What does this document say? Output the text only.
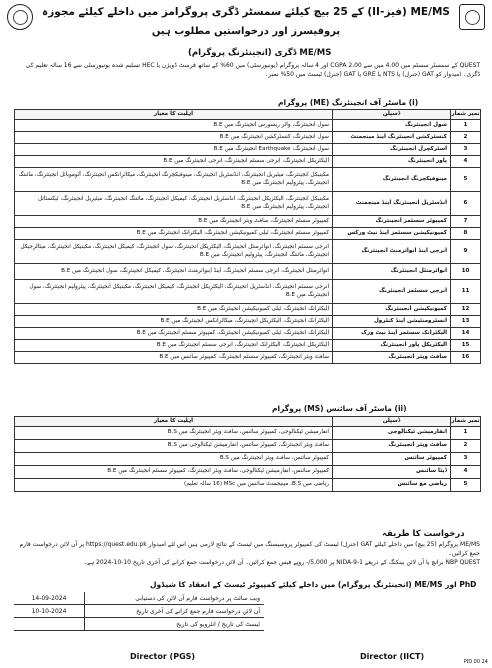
ME/MS (فیز-II) کے 25 بیچ کیلئے سمسٹر ڈگری پروگرامز میں داخلے کیلئے مجوزہ
پروفیسرز اور درخواستیں مطلوب ہیں
ME/MS ڈگری (انجینئرنگ پروگرام)
QUEST کے سمسٹر سسٹم میں 4.00 میں سے 2.00 CGPA اور 4 سالہ پروگرام (یونیورسٹی) میں 60% کے ساتھ فرسٹ ڈویژن یا HEC تسلیم شدہ یونیورسٹی سے 16 سالہ تعلیم کی ڈگری۔ امیدوار کو GAT (جنرل) یا NTS یا GRE یا GAT (جنرل) ٹیسٹ میں 50% نمبر۔
(i) ماسٹر آف انجینئرنگ (ME) پروگرام
اہلیت کا معیار	ڈسپلن	نمبر شمار
سول انجینئرنگ، واٹر ریسورس انجینئرنگ میں B.E	سول انجینئرنگ	1
سول انجینئرنگ، کنسٹرکشن انجینئرنگ میں B.E	کنسٹرکشن انجینئرنگ اینڈ مینجمنٹ	2
سول انجینئرنگ، Earthquake انجینئرنگ میں B.E	اسٹرکچرل انجینئرنگ	3
الیکٹریکل انجینئرنگ، انرجی سسٹم انجینئرنگ، انرجی انجینئرنگ میں B.E	پاور انجینئرنگ	4
مکینیکل انجینئرنگ، میٹیریل انجینئرنگ، انڈسٹریل انجینئرنگ، مینوفیکچرنگ انجینئرنگ، میکاٹرانکس انجینئرنگ، آٹوموبائل انجینئرنگ، مائننگ انجینئرنگ، پیٹرولیم انجینئرنگ میں B.E	مینوفیکچرنگ انجینئرنگ	5
مکینیکل انجینئرنگ، الیکٹریکل انجینئرنگ، انڈسٹریل انجینئرنگ، کیمیکل انجینئرنگ، مائننگ انجینئرنگ، میٹیریل انجینئرنگ، ٹیکسٹائل انجینئرنگ، پیٹرولیم انجینئرنگ میں B.E	انڈسٹریل انجینئرنگ اینڈ مینجمنٹ	6
کمپیوٹر سسٹم انجینئرنگ، سافٹ ویئر انجینئرنگ میں B.E	کمپیوٹر سسٹمز انجینئرنگ	7
کمپیوٹر سسٹم انجینئرنگ، ٹیلی کمیونیکیشن انجینئرنگ، الیکٹرانک انجینئرنگ میں B.E	کمیونیکیشن سسٹمز اینڈ نیٹ ورکس	8
انرجی سسٹم انجینئرنگ، انوائرمنٹل انجینئرنگ، الیکٹریکل انجینئرنگ، سول انجینئرنگ، کیمیکل انجینئرنگ، مکینیکل انجینئرنگ، میٹالرجیکل انجینئرنگ، مائننگ انجینئرنگ، پیٹرولیم انجینئرنگ میں B.E	انرجی اینڈ انوائرمنٹ انجینئرنگ	9
انوائرمنٹل انجینئرنگ، انرجی سسٹم انجینئرنگ، اینڈ اینوائرمنٹ انجینئرنگ، کیمیکل انجینئرنگ، سول انجینئرنگ میں B.E	انوائرمنٹل انجینئرنگ	10
انرجی سسٹم انجینئرنگ، انڈسٹریل انجینئرنگ، الیکٹریکل انجینئرنگ، کیمیکل انجینئرنگ، مکینیکل انجینئرنگ، پیٹرولیم انجینئرنگ، سول انجینئرنگ میں B.E	انرجی سسٹمز انجینئرنگ	11
الیکٹرانک انجینئرنگ، ٹیلی کمیونیکیشن انجینئرنگ میں B.E	کمیونیکیشن انجینئرنگ	12
الیکٹرانک انجینئرنگ، الیکٹریکل انجینئرنگ، میکاٹرانکس انجینئرنگ میں B.E	انسٹرومنٹیشن اینڈ کنٹرول	13
الیکٹرانک انجینئرنگ، ٹیلی کمیونیکیشن انجینئرنگ، کمپیوٹر سسٹم انجینئرنگ میں B.E	الیکٹرانک سسٹمز اینڈ نیٹ ورک	14
الیکٹریکل انجینئرنگ، الیکٹرانک انجینئرنگ، انرجی سسٹم انجینئرنگ میں B.E	الیکٹریکل پاور انجینئرنگ	15
سافٹ ویئر انجینئرنگ، کمپیوٹر سسٹم انجینئرنگ، کمپیوٹر سائنس میں B.E	سافٹ ویئر انجینئرنگ	16
(ii) ماسٹر آف سائنس (MS) پروگرام
اہلیت کا معیار	ڈسپلن	نمبر شمار
انفارمیشن ٹیکنالوجی، کمپیوٹر سائنس، سافٹ ویئر انجینئرنگ میں B.S	انفارمیشن ٹیکنالوجی	1
سافٹ ویئر انجینئرنگ، کمپیوٹر سائنس، انفارمیشن ٹیکنالوجی میں B.S	سافٹ ویئر انجینئرنگ	2
کمپیوٹر سائنس، سافٹ ویئر انجینئرنگ میں B.S	کمپیوٹر سائنس	3
کمپیوٹر سائنس، انفارمیشن ٹیکنالوجی، سافٹ ویئر انجینئرنگ، کمپیوٹر سسٹم انجینئرنگ میں B.E	ڈیٹا سائنس	4
ریاضی میں B.S، مینیجمنٹ سائنس میں MSc (16 سالہ تعلیم)	ریاضی مع سائنس	5
درخواست کا طریقہ
ME/MS پروگرام (25 بیچ) میں داخلے کیلئے GAT (جنرل) ٹیسٹ کی کمپیوٹر پروسیسنگ میں ٹیسٹ کے نتائج لازمی ہیں اس لئے امیدوار https://quest.edu.pk پر آن لائن درخواست فارم جمع کرائیں۔
NBP QUEST برانچ یا آن لائن بینکنگ کے ذریعے NIDA-9-1 پر 5,000/- روپے فیس جمع کرائیں۔ آن لائن درخواست جمع کرانے کی آخری تاریخ 10-10-2024 ہے۔
PhD اور ME/MS (انجینئرنگ پروگرام) میں داخلے کیلئے کمپیوٹر ٹیسٹ کے انعقاد کا شیڈول
14-09-2024	ویب سائٹ پر درخواست فارم آن لائن کی دستیابی
10-10-2024	آن لائن درخواست فارم جمع کرانے کی آخری تاریخ
ٹیسٹ کی تاریخ / انٹرویو کی تاریخ
Director (PGS)	Director (IICT)
PID 00 24
